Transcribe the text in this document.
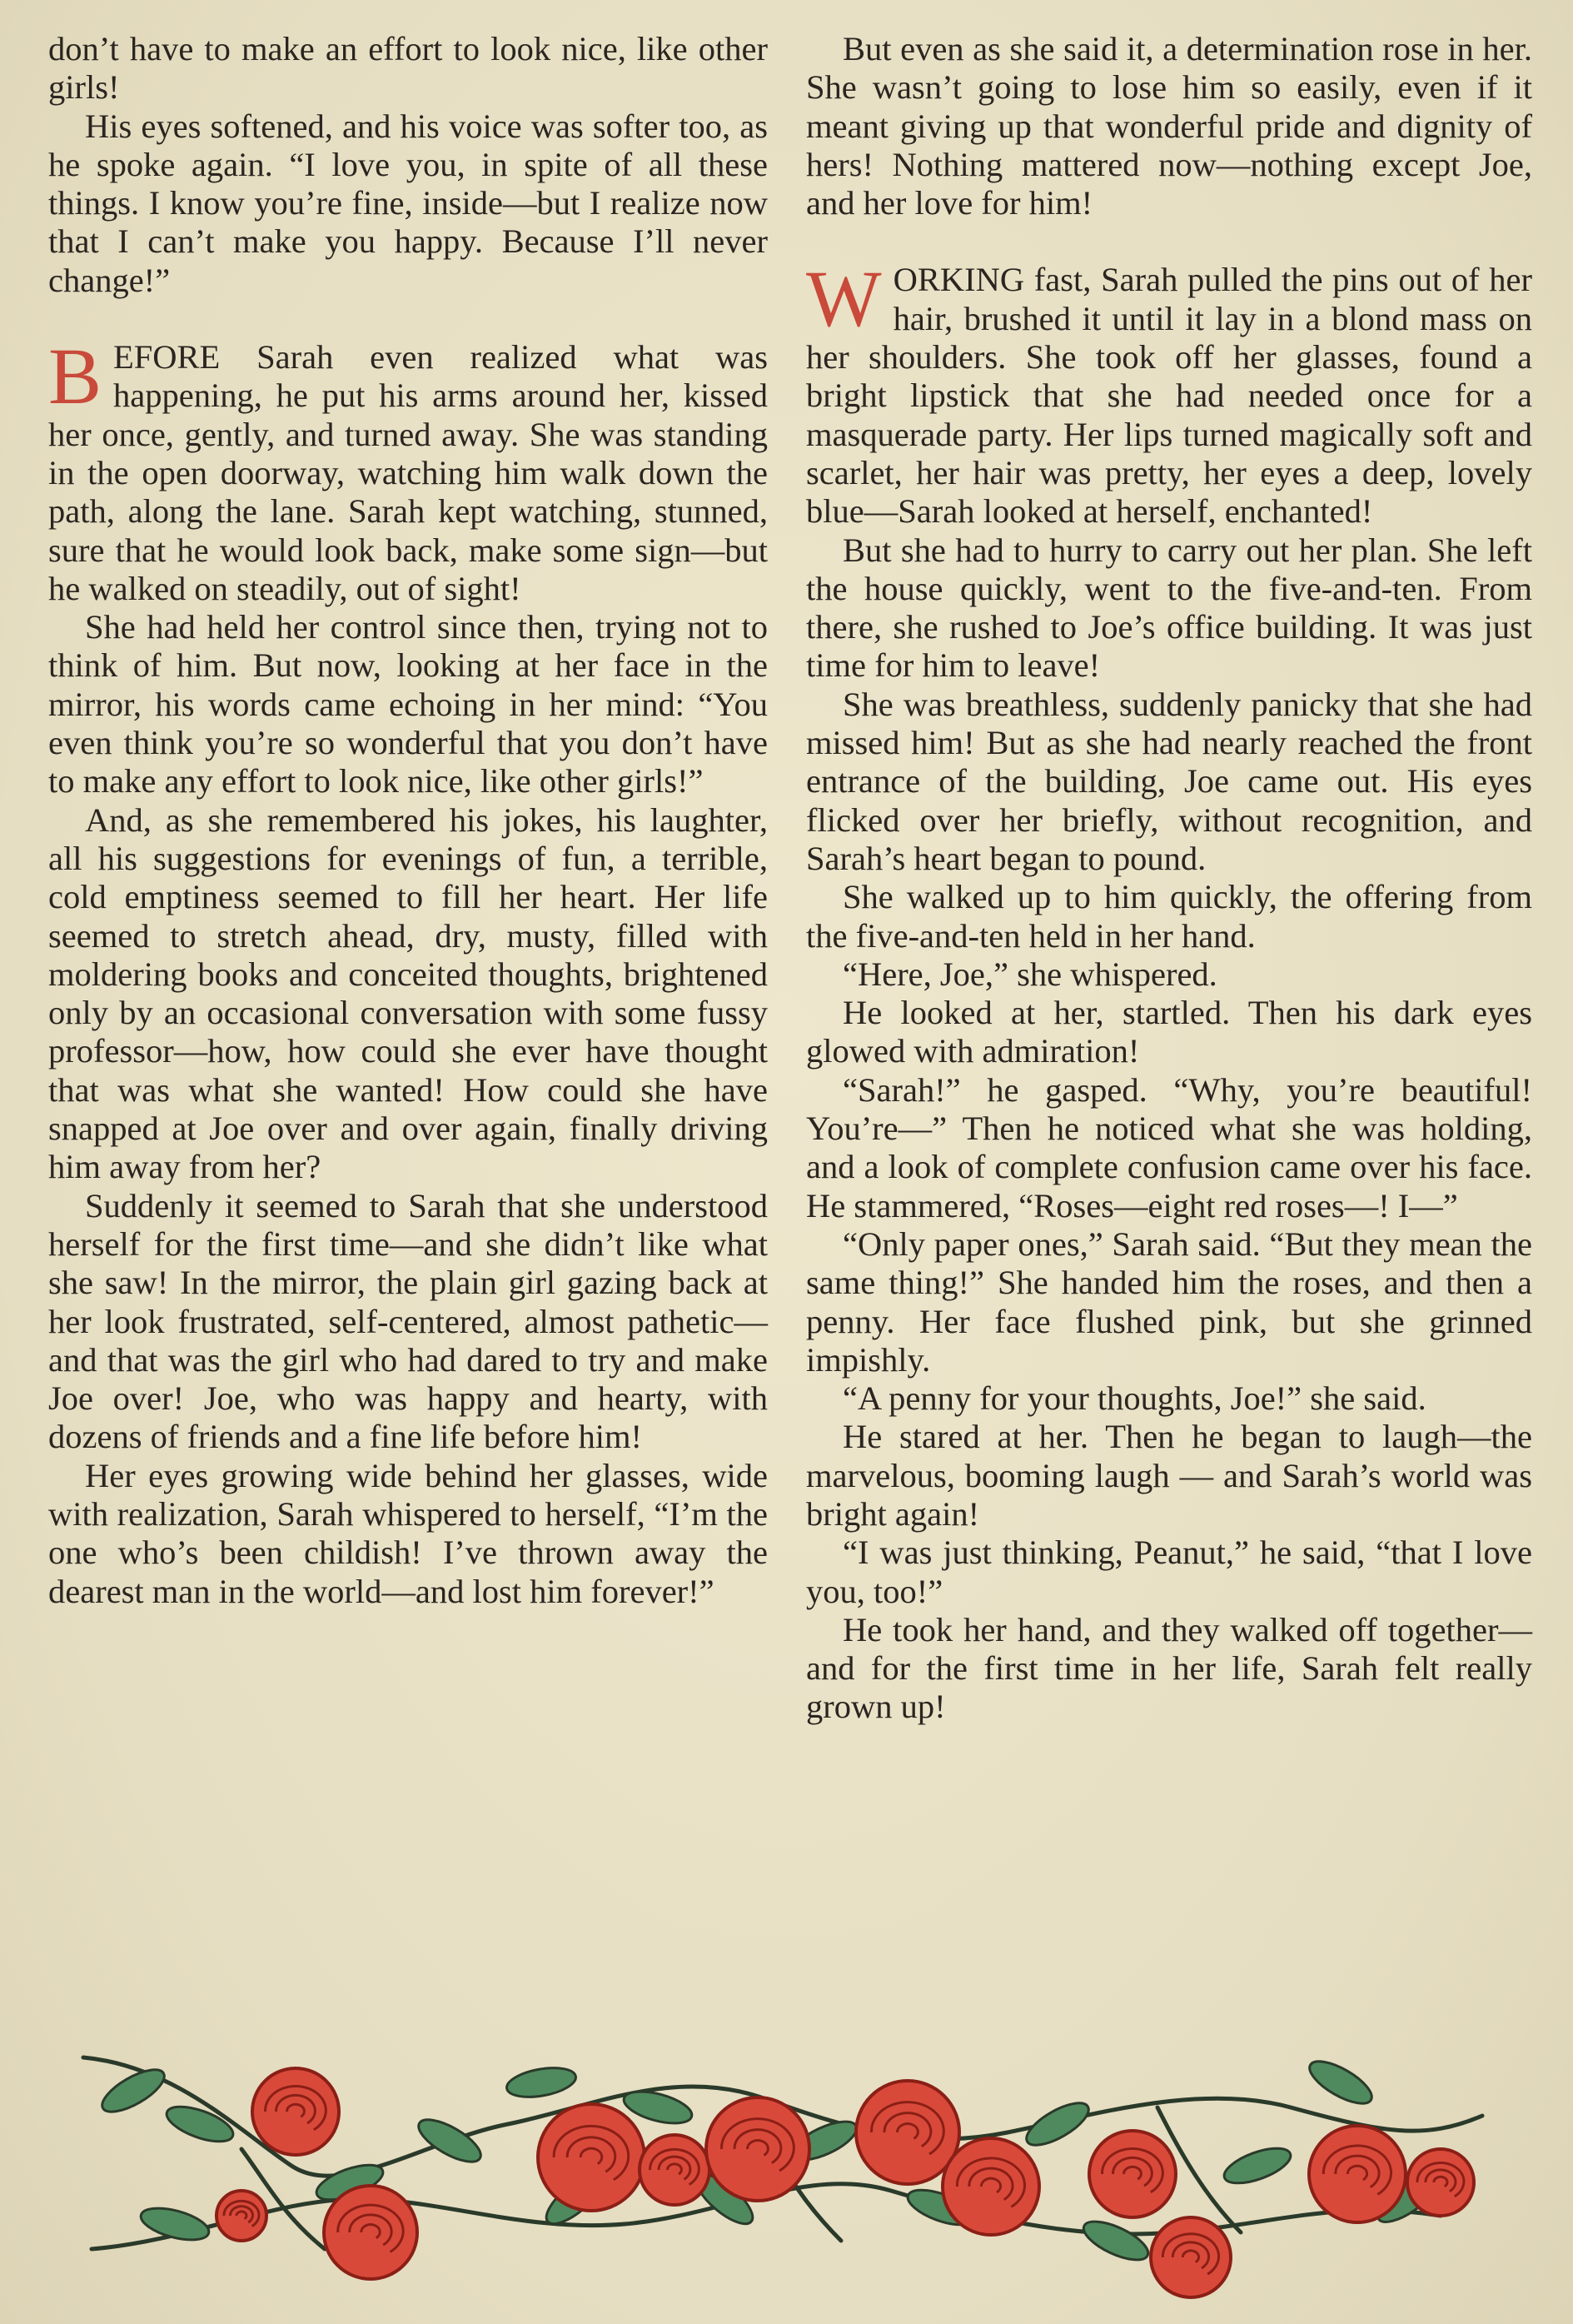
don’t have to make an effort to look nice, like other girls!

His eyes softened, and his voice was softer too, as he spoke again. “I love you, in spite of all these things. I know you’re fine, inside—but I realize now that I can’t make you happy. Because I’ll never change!”

BEFORE Sarah even realized what was happening, he put his arms around her, kissed her once, gently, and turned away. She was standing in the open doorway, watching him walk down the path, along the lane. Sarah kept watching, stunned, sure that he would look back, make some sign—but he walked on steadily, out of sight!

She had held her control since then, trying not to think of him. But now, looking at her face in the mirror, his words came echoing in her mind: “You even think you’re so wonderful that you don’t have to make any effort to look nice, like other girls!”

And, as she remembered his jokes, his laughter, all his suggestions for evenings of fun, a terrible, cold emptiness seemed to fill her heart. Her life seemed to stretch ahead, dry, musty, filled with moldering books and conceited thoughts, brightened only by an occasional conversation with some fussy professor—how, how could she ever have thought that was what she wanted! How could she have snapped at Joe over and over again, finally driving him away from her?

Suddenly it seemed to Sarah that she understood herself for the first time—and she didn’t like what she saw! In the mirror, the plain girl gazing back at her look frustrated, self-centered, almost pathetic—and that was the girl who had dared to try and make Joe over! Joe, who was happy and hearty, with dozens of friends and a fine life before him!

Her eyes growing wide behind her glasses, wide with realization, Sarah whispered to herself, “I’m the one who’s been childish! I’ve thrown away the dearest man in the world—and lost him forever!”

But even as she said it, a determination rose in her. She wasn’t going to lose him so easily, even if it meant giving up that wonderful pride and dignity of hers! Nothing mattered now—nothing except Joe, and her love for him!

WORKING fast, Sarah pulled the pins out of her hair, brushed it until it lay in a blond mass on her shoulders. She took off her glasses, found a bright lipstick that she had needed once for a masquerade party. Her lips turned magically soft and scarlet, her hair was pretty, her eyes a deep, lovely blue—Sarah looked at herself, enchanted!

But she had to hurry to carry out her plan. She left the house quickly, went to the five-and-ten. From there, she rushed to Joe’s office building. It was just time for him to leave!

She was breathless, suddenly panicky that she had missed him! But as she had nearly reached the front entrance of the building, Joe came out. His eyes flicked over her briefly, without recognition, and Sarah’s heart began to pound.

She walked up to him quickly, the offering from the five-and-ten held in her hand.

“Here, Joe,” she whispered.

He looked at her, startled. Then his dark eyes glowed with admiration!

“Sarah!” he gasped. “Why, you’re beautiful! You’re—” Then he noticed what she was holding, and a look of complete confusion came over his face. He stammered, “Roses—eight red roses—! I—”

“Only paper ones,” Sarah said. “But they mean the same thing!” She handed him the roses, and then a penny. Her face flushed pink, but she grinned impishly.

“A penny for your thoughts, Joe!” she said.

He stared at her. Then he began to laugh—the marvelous, booming laugh — and Sarah’s world was bright again!

“I was just thinking, Peanut,” he said, “that I love you, too!”

He took her hand, and they walked off together—and for the first time in her life, Sarah felt really grown up!
